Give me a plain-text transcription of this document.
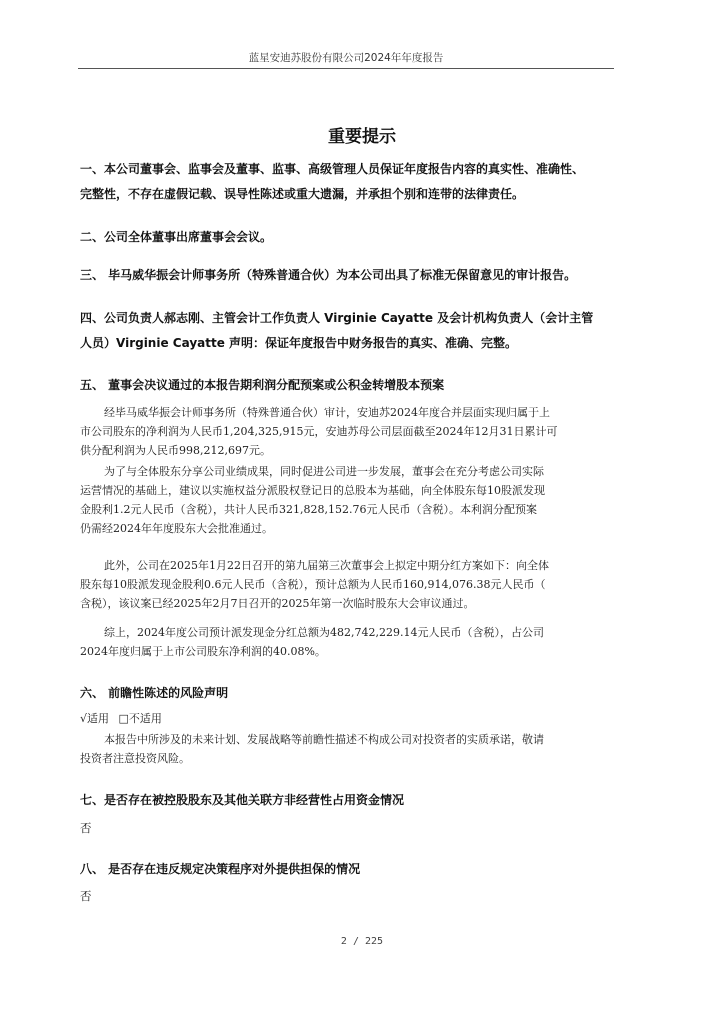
蓝星安迪苏股份有限公司2024年年度报告
重要提示
一、本公司董事会、监事会及董事、监事、高级管理人员保证年度报告内容的真实性、准确性、
完整性，不存在虚假记载、误导性陈述或重大遗漏，并承担个别和连带的法律责任。
二、公司全体董事出席董事会会议。
三、 毕马威华振会计师事务所（特殊普通合伙）为本公司出具了标准无保留意见的审计报告。
四、公司负责人郝志刚、主管会计工作负责人 Virginie Cayatte 及会计机构负责人（会计主管
人员）Virginie Cayatte 声明：保证年度报告中财务报告的真实、准确、完整。
五、 董事会决议通过的本报告期利润分配预案或公积金转增股本预案
经毕马威华振会计师事务所（特殊普通合伙）审计，安迪苏2024年度合并层面实现归属于上
市公司股东的净利润为人民币1,204,325,915元，安迪苏母公司层面截至2024年12月31日累计可
供分配利润为人民币998,212,697元。
为了与全体股东分享公司业绩成果，同时促进公司进一步发展，董事会在充分考虑公司实际
运营情况的基础上，建议以实施权益分派股权登记日的总股本为基础，向全体股东每10股派发现
金股利1.2元人民币（含税），共计人民币321,828,152.76元人民币（含税）。本利润分配预案
仍需经2024年年度股东大会批准通过。
此外，公司在2025年1月22日召开的第九届第三次董事会上拟定中期分红方案如下：向全体
股东每10股派发现金股利0.6元人民币（含税），预计总额为人民币160,914,076.38元人民币（
含税），该议案已经2025年2月7日召开的2025年第一次临时股东大会审议通过。
综上，2024年度公司预计派发现金分红总额为482,742,229.14元人民币（含税），占公司
2024年度归属于上市公司股东净利润的40.08%。
六、 前瞻性陈述的风险声明
√适用 □不适用
本报告中所涉及的未来计划、发展战略等前瞻性描述不构成公司对投资者的实质承诺，敬请
投资者注意投资风险。
七、是否存在被控股股东及其他关联方非经营性占用资金情况
否
八、 是否存在违反规定决策程序对外提供担保的情况
否
2 / 225
